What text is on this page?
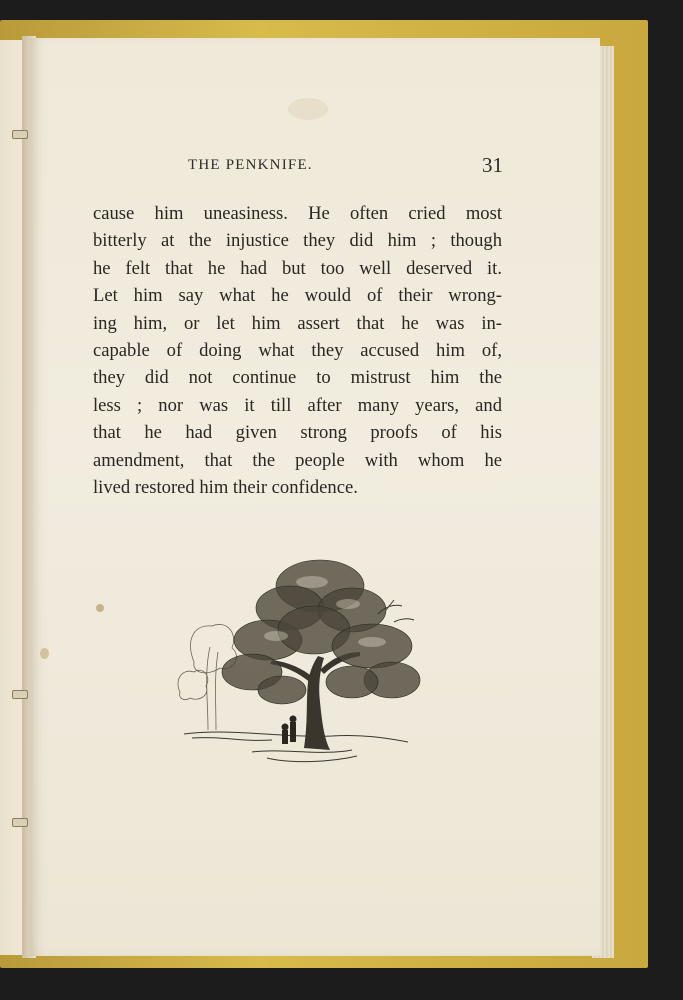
THE PENKNIFE.	31
cause him uneasiness. He often cried most
bitterly at the injustice they did him ; though
he felt that he had but too well deserved it.
Let him say what he would of their wrong-
ing him, or let him assert that he was in-
capable of doing what they accused him of,
they did not continue to mistrust him the
less ; nor was it till after many years, and
that he had given strong proofs of his
amendment, that the people with whom he
lived restored him their confidence.
